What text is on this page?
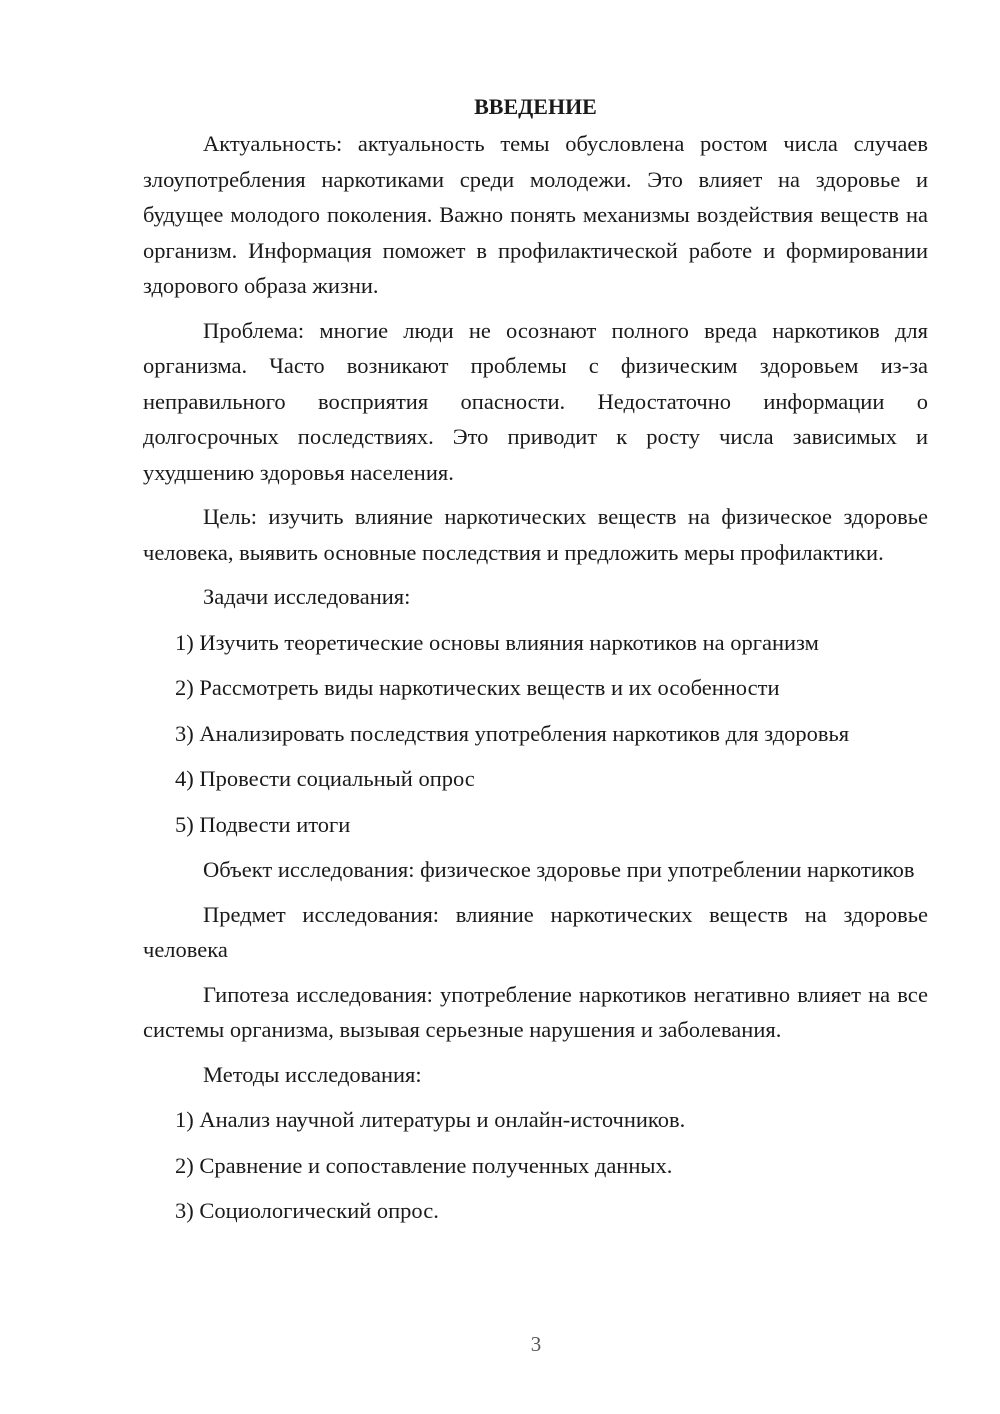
ВВЕДЕНИЕ

Актуальность: актуальность темы обусловлена ростом числа случаев злоупотребления наркотиками среди молодежи. Это влияет на здоровье и будущее молодого поколения. Важно понять механизмы воздействия веществ на организм. Информация поможет в профилактической работе и формировании здорового образа жизни.

Проблема: многие люди не осознают полного вреда наркотиков для организма. Часто возникают проблемы с физическим здоровьем из-за неправильного восприятия опасности. Недостаточно информации о долгосрочных последствиях. Это приводит к росту числа зависимых и ухудшению здоровья населения.

Цель: изучить влияние наркотических веществ на физическое здоровье человека, выявить основные последствия и предложить меры профилактики.

Задачи исследования:

1) Изучить теоретические основы влияния наркотиков на организм
2) Рассмотреть виды наркотических веществ и их особенности
3) Анализировать последствия употребления наркотиков для здоровья
4) Провести социальный опрос
5) Подвести итоги

Объект исследования: физическое здоровье при употреблении наркотиков

Предмет исследования: влияние наркотических веществ на здоровье человека

Гипотеза исследования: употребление наркотиков негативно влияет на все системы организма, вызывая серьезные нарушения и заболевания.

Методы исследования:

1) Анализ научной литературы и онлайн-источников.
2) Сравнение и сопоставление полученных данных.
3) Социологический опрос.
3
